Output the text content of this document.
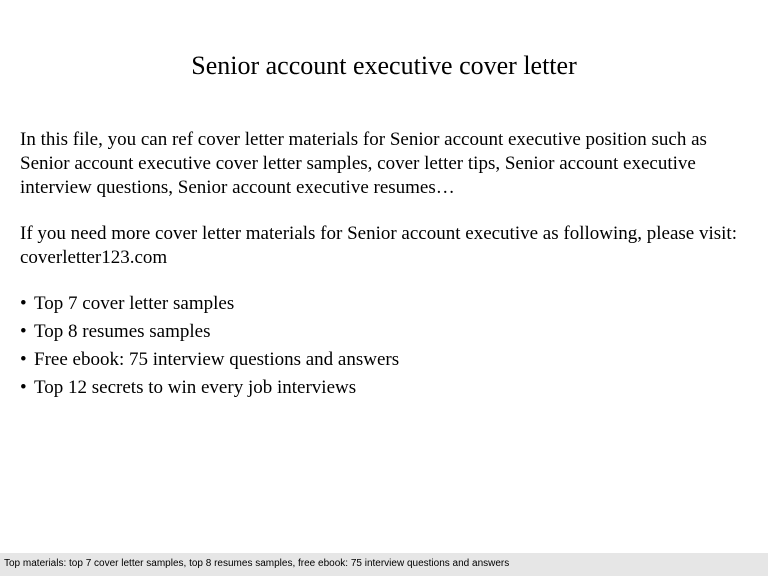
Senior account executive cover letter
In this file, you can ref cover letter materials for Senior account executive position such as Senior account executive cover letter samples, cover letter tips, Senior account executive interview questions, Senior account executive resumes…
If you need more cover letter materials for Senior account executive as following, please visit: coverletter123.com
• Top 7 cover letter samples
• Top 8 resumes samples
• Free ebook: 75 interview questions and answers
• Top 12 secrets to win every job interviews
Top materials: top 7 cover letter samples, top 8 resumes samples, free ebook: 75 interview questions and answers
